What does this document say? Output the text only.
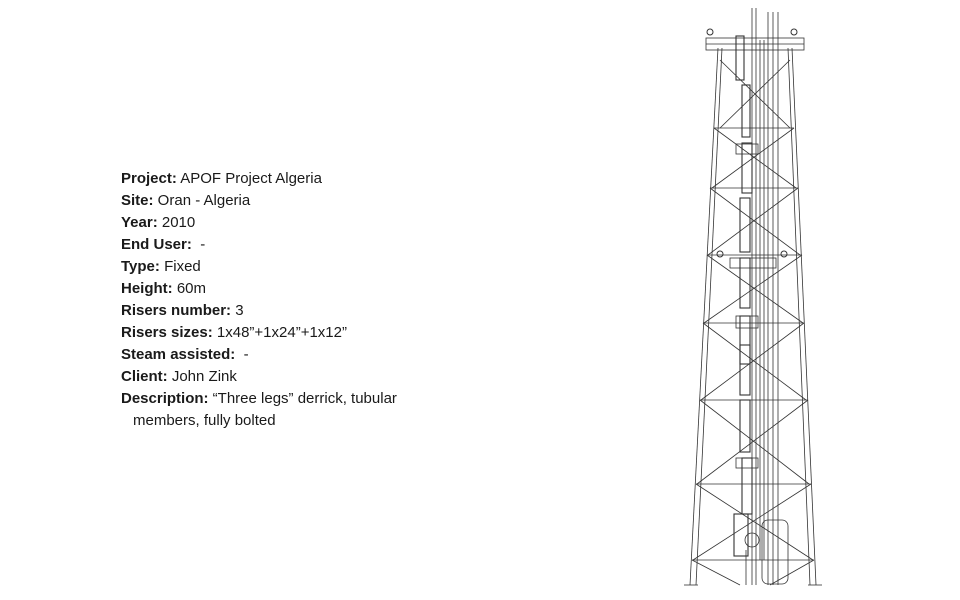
Project: APOF Project Algeria
Site: Oran - Algeria
Year: 2010
End User:  -
Type: Fixed
Height: 60m
Risers number: 3
Risers sizes: 1x48”+1x24”+1x12”
Steam assisted:  -
Client: John Zink
Description: “Three legs” derrick, tubular members, fully bolted
